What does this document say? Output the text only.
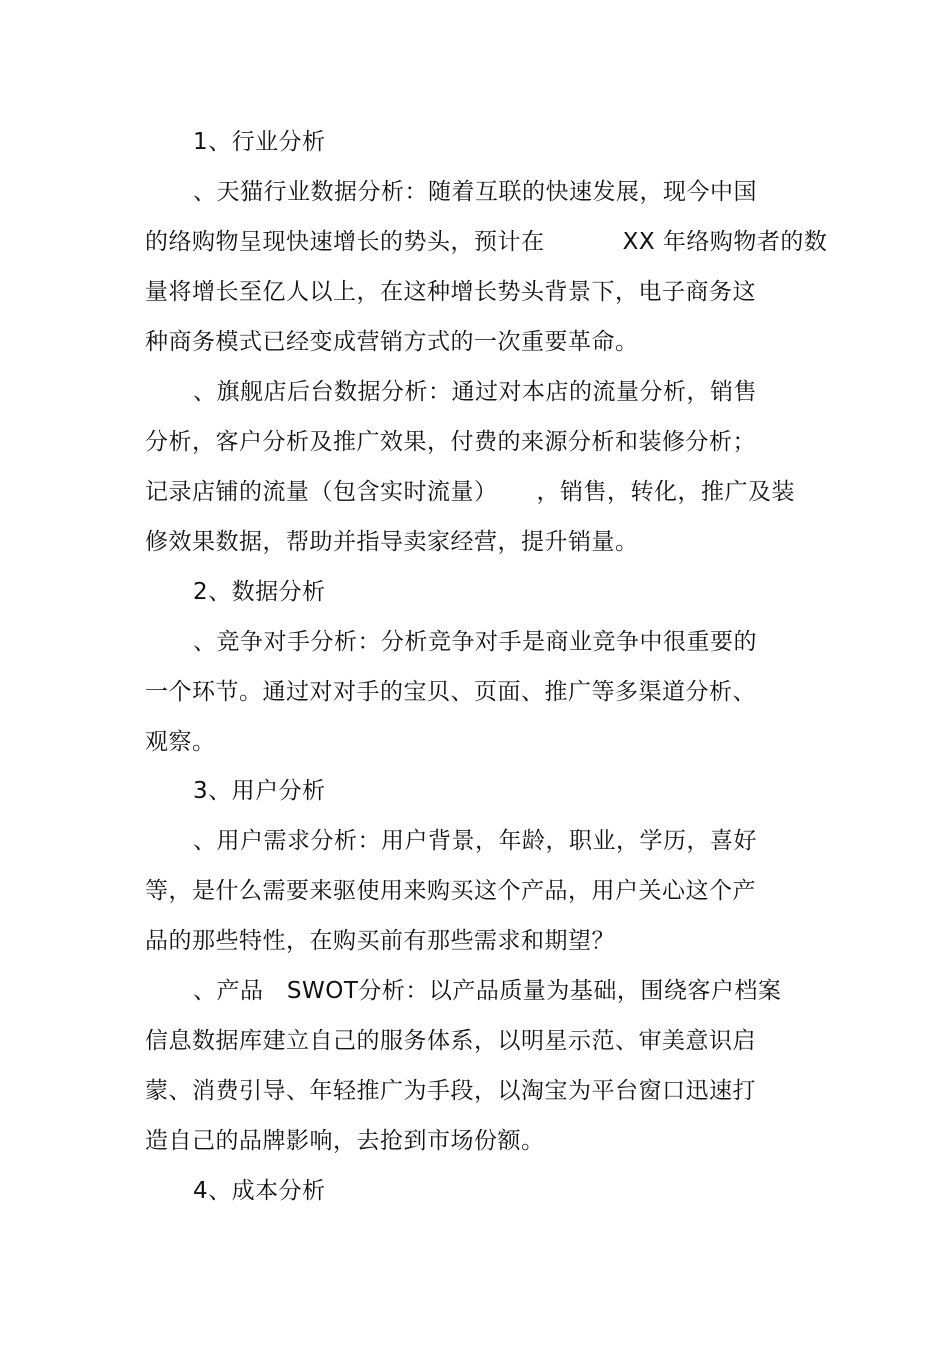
1、行业分析
、天猫行业数据分析：随着互联的快速发展，现今中国
的络购物呈现快速增长的势头，预计在          XX 年络购物者的数
量将增长至亿人以上，在这种增长势头背景下，电子商务这
种商务模式已经变成营销方式的一次重要革命。
、旗舰店后台数据分析：通过对本店的流量分析，销售
分析，客户分析及推广效果，付费的来源分析和装修分析；
记录店铺的流量（包含实时流量）     ，销售，转化，推广及装
修效果数据，帮助并指导卖家经营，提升销量。
2、数据分析
、竞争对手分析：分析竞争对手是商业竞争中很重要的
一个环节。通过对对手的宝贝、页面、推广等多渠道分析、
观察。
3、用户分析
、用户需求分析：用户背景，年龄，职业，学历，喜好
等，是什么需要来驱使用来购买这个产品，用户关心这个产
品的那些特性，在购买前有那些需求和期望？
、产品   SWOT分析：以产品质量为基础，围绕客户档案
信息数据库建立自己的服务体系，以明星示范、审美意识启
蒙、消费引导、年轻推广为手段，以淘宝为平台窗口迅速打
造自己的品牌影响，去抢到市场份额。
4、成本分析
